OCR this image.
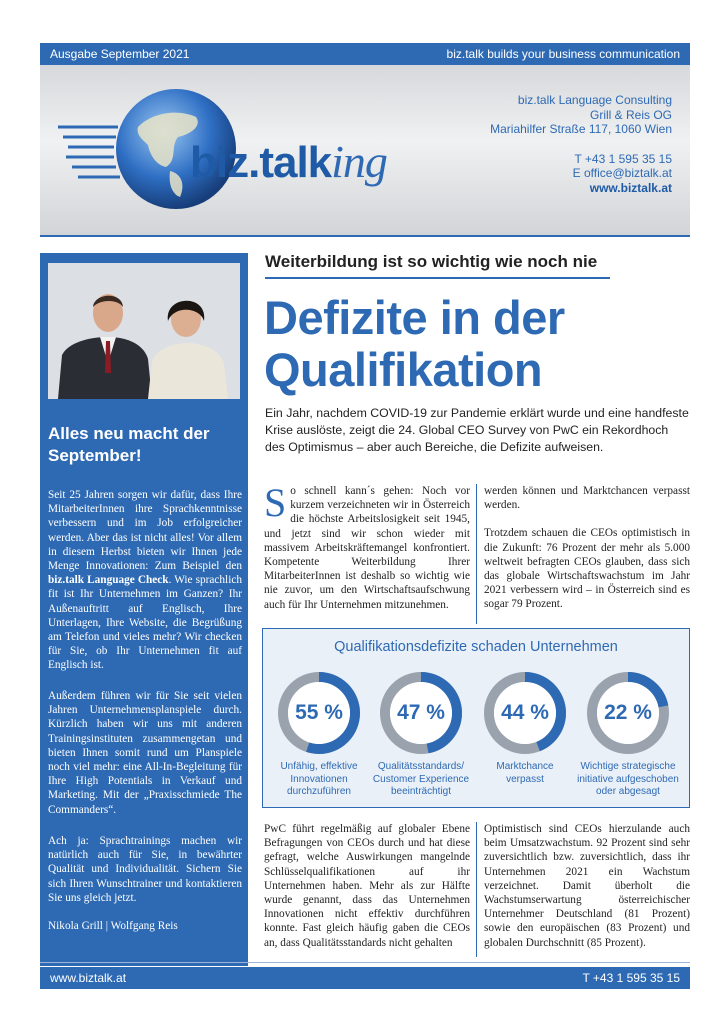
Ausgabe September 2021	biz.talk builds your business communication
biz.talking
biz.talk Language Consulting
Grill & Reis OG
Mariahilfer Straße 117, 1060 Wien
T +43 1 595 35 15
E office@biztalk.at
www.biztalk.at
Alles neu macht der September!
Seit 25 Jahren sorgen wir dafür, dass Ihre MitarbeiterInnen ihre Sprachkenntnisse verbessern und im Job erfolgreicher werden. Aber das ist nicht alles! Vor allem in diesem Herbst bieten wir Ihnen jede Menge Innovationen: Zum Beispiel den biz.talk Language Check. Wie sprachlich fit ist Ihr Unternehmen im Ganzen? Ihr Außenauftritt auf Englisch, Ihre Unterlagen, Ihre Website, die Begrüßung am Telefon und vieles mehr? Wir checken für Sie, ob Ihr Unternehmen fit auf Englisch ist.
Außerdem führen wir für Sie seit vielen Jahren Unternehmensplanspiele durch. Kürzlich haben wir uns mit anderen Trainingsinstituten zusammengetan und bieten Ihnen somit rund um Planspiele noch viel mehr: eine All-In-Begleitung für Ihre High Potentials in Verkauf und Marketing. Mit der „Praxisschmiede The Commanders“.
Ach ja: Sprachtrainings machen wir natürlich auch für Sie, in bewährter Qualität und Individualität. Sichern Sie sich Ihren Wunschtrainer und kontaktieren Sie uns gleich jetzt.
Nikola Grill | Wolfgang Reis
Weiterbildung ist so wichtig wie noch nie
Defizite in der Qualifikation
Ein Jahr, nachdem COVID-19 zur Pandemie erklärt wurde und eine handfeste Krise auslöste, zeigt die 24. Global CEO Survey von PwC ein Rekordhoch des Optimismus – aber auch Bereiche, die Defizite aufweisen.
So schnell kann´s gehen: Noch vor kurzem verzeichneten wir in Österreich die höchste Arbeitslosigkeit seit 1945, und jetzt sind wir schon wieder mit massivem Arbeitskräftemangel konfrontiert. Kompetente Weiterbildung Ihrer MitarbeiterInnen ist deshalb so wichtig wie nie zuvor, um den Wirtschaftsaufschwung auch für Ihr Unternehmen mitzunehmen.
werden können und Marktchancen verpasst werden.
Trotzdem schauen die CEOs optimistisch in die Zukunft: 76 Prozent der mehr als 5.000 weltweit befragten CEOs glauben, dass sich das globale Wirtschaftswachstum im Jahr 2021 verbessern wird – in Österreich sind es sogar 79 Prozent.
Qualifikationsdefizite schaden Unternehmen
55 %
Unfähig, effektive
Innovationen
durchzuführen
47 %
Qualitätsstandards/
Customer Experience
beeinträchtigt
44 %
Marktchance
verpasst
22 %
Wichtige strategische
initiative aufgeschoben
oder abgesagt
PwC führt regelmäßig auf globaler Ebene Befragungen von CEOs durch und hat diese gefragt, welche Auswirkungen mangelnde Schlüsselqualifikationen auf ihr Unternehmen haben. Mehr als zur Hälfte wurde genannt, dass das Unternehmen Innovationen nicht effektiv durchführen konnte. Fast gleich häufig gaben die CEOs an, dass Qualitätsstandards nicht gehalten
Optimistisch sind CEOs hierzulande auch beim Umsatzwachstum. 92 Prozent sind sehr zuversichtlich bzw. zuversichtlich, dass ihr Unternehmen 2021 ein Wachstum verzeichnet. Damit überholt die Wachstumserwartung österreichischer Unternehmer Deutschland (81 Prozent) sowie den europäischen (83 Prozent) und globalen Durchschnitt (85 Prozent).
www.biztalk.at	T +43 1 595 35 15
